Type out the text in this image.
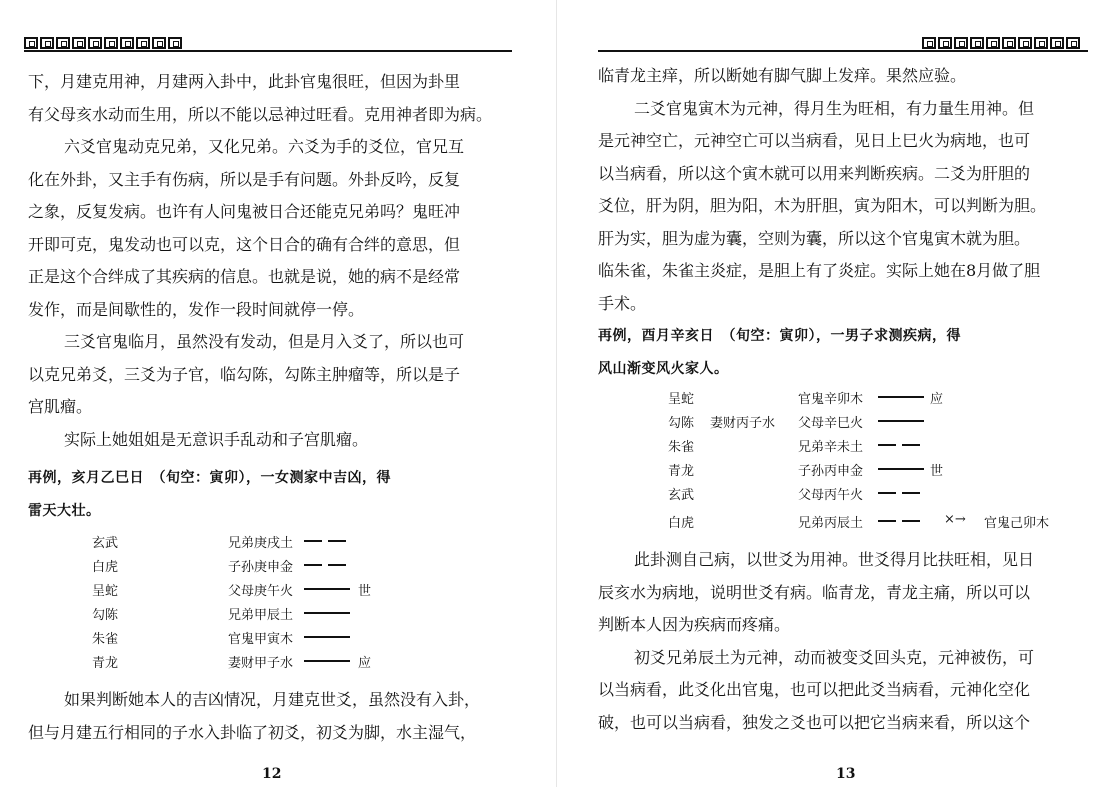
下，月建克用神，月建两入卦中，此卦官鬼很旺，但因为卦里

有父母亥水动而生用，所以不能以忌神过旺看。克用神者即为病。

六爻官鬼动克兄弟，又化兄弟。六爻为手的爻位，官兄互

化在外卦，又主手有伤病，所以是手有问题。外卦反吟，反复

之象，反复发病。也许有人问鬼被日合还能克兄弟吗？鬼旺冲

开即可克，鬼发动也可以克，这个日合的确有合绊的意思，但

正是这个合绊成了其疾病的信息。也就是说，她的病不是经常

发作，而是间歇性的，发作一段时间就停一停。

三爻官鬼临月，虽然没有发动，但是月入爻了，所以也可

以克兄弟爻，三爻为子官，临勾陈，勾陈主肿瘤等，所以是子

宫肌瘤。

实际上她姐姐是无意识手乱动和子宫肌瘤。

再例，亥月乙巳日　（旬空：寅卯），一女测家中吉凶，得

雷天大壮。

玄武	兄弟庚戌土
白虎	子孙庚申金
呈蛇	父母庚午火	世
勾陈	兄弟甲辰土
朱雀	官鬼甲寅木
青龙	妻财甲子水	应

如果判断她本人的吉凶情况，月建克世爻，虽然没有入卦，

但与月建五行相同的子水入卦临了初爻，初爻为脚，水主湿气，

12

临青龙主痒，所以断她有脚气脚上发痒。果然应验。

二爻官鬼寅木为元神，得月生为旺相，有力量生用神。但

是元神空亡，元神空亡可以当病看，见日上巳火为病地，也可

以当病看，所以这个寅木就可以用来判断疾病。二爻为肝胆的

爻位，肝为阴，胆为阳，木为肝胆，寅为阳木，可以判断为胆。

肝为实，胆为虚为囊，空则为囊，所以这个官鬼寅木就为胆。

临朱雀，朱雀主炎症，是胆上有了炎症。实际上她在8月做了胆

手术。

再例，酉月辛亥日　（旬空：寅卯），一男子求测疾病，得

风山渐变风火家人。

呈蛇	官鬼辛卯木	应
勾陈 妻财丙子水 父母辛巳火
朱雀	兄弟辛未土
青龙	子孙丙申金	世
玄武	父母丙午火
白虎	兄弟丙辰土	×→ 官鬼己卯木

此卦测自己病，以世爻为用神。世爻得月比扶旺相，见日

辰亥水为病地，说明世爻有病。临青龙，青龙主痛，所以可以

判断本人因为疾病而疼痛。

初爻兄弟辰土为元神，动而被变爻回头克，元神被伤，可

以当病看，此爻化出官鬼，也可以把此爻当病看，元神化空化

破，也可以当病看，独发之爻也可以把它当病来看，所以这个

13
